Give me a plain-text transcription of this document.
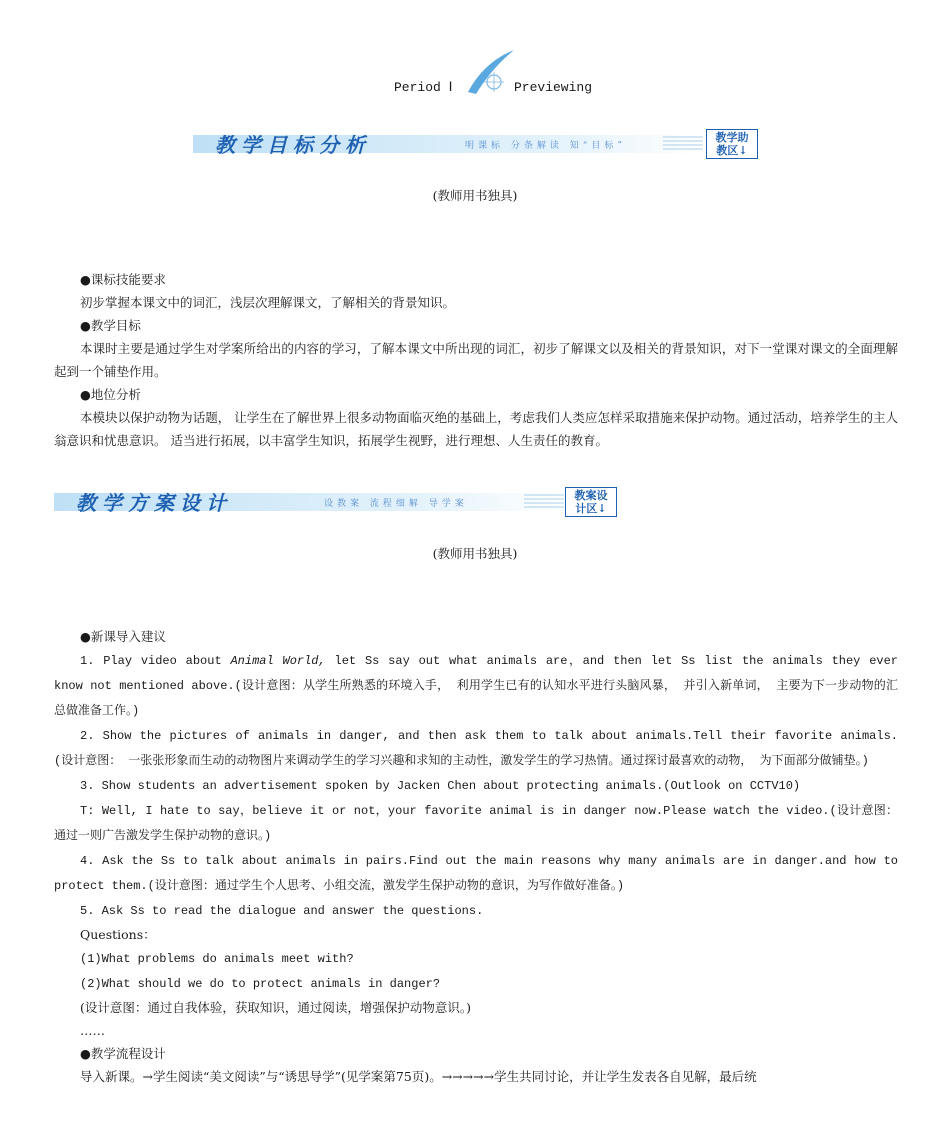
Period Ⅰ	Previewing
教学目标分析	明课标 分条解读 知“目标”
教学助
教区↓
(教师用书独具)

●课标技能要求

初步掌握本课文中的词汇，浅层次理解课文，了解相关的背景知识。

●教学目标

本课时主要是通过学生对学案所给出的内容的学习，了解本课文中所出现的词汇，初步了解课文以及相关的背景知识，对下一堂课对课文的全面理解起到一个铺垫作用。

●地位分析

本模块以保护动物为话题， 让学生在了解世界上很多动物面临灭绝的基础上，考虑我们人类应怎样采取措施来保护动物。通过活动，培养学生的主人翁意识和忧患意识。 适当进行拓展，以丰富学生知识，拓展学生视野，进行理想、人生责任的教育。

教学方案设计	设教案 流程细解 导学案
教案设
计区↓
(教师用书独具)

●新课导入建议

1. Play video about Animal World, let Ss say out what animals are，and then let Ss list the animals they ever know not mentioned above.(设计意图：从学生所熟悉的环境入手， 利用学生已有的认知水平进行头脑风暴， 并引入新单词， 主要为下一步动物的汇总做准备工作。)

2. Show the pictures of animals in danger, and then ask them to talk about animals.Tell their favorite animals.(设计意图： 一张张形象而生动的动物图片来调动学生的学习兴趣和求知的主动性，激发学生的学习热情。通过探讨最喜欢的动物， 为下面部分做铺垫。)

3. Show students an advertisement spoken by Jacken Chen about protecting animals.(Outlook on CCTV10)

T: Well, I hate to say，believe it or not，your favorite animal is in danger now.Please watch the video.(设计意图：通过一则广告激发学生保护动物的意识。)

4. Ask the Ss to talk about animals in pairs.Find out the main reasons why many animals are in danger.and how to protect them.(设计意图：通过学生个人思考、小组交流，激发学生保护动物的意识，为写作做好准备。)

5. Ask Ss to read the dialogue and answer the questions.

Questions：

(1)What problems do animals meet with?

(2)What should we do to protect animals in danger?

(设计意图：通过自我体验，获取知识，通过阅读，增强保护动物意识。)

……

●教学流程设计

导入新课。→学生阅读“美文阅读”与“诱思导学”(见学案第75页)。→→→→→学生共同讨论，并让学生发表各自见解，最后统
